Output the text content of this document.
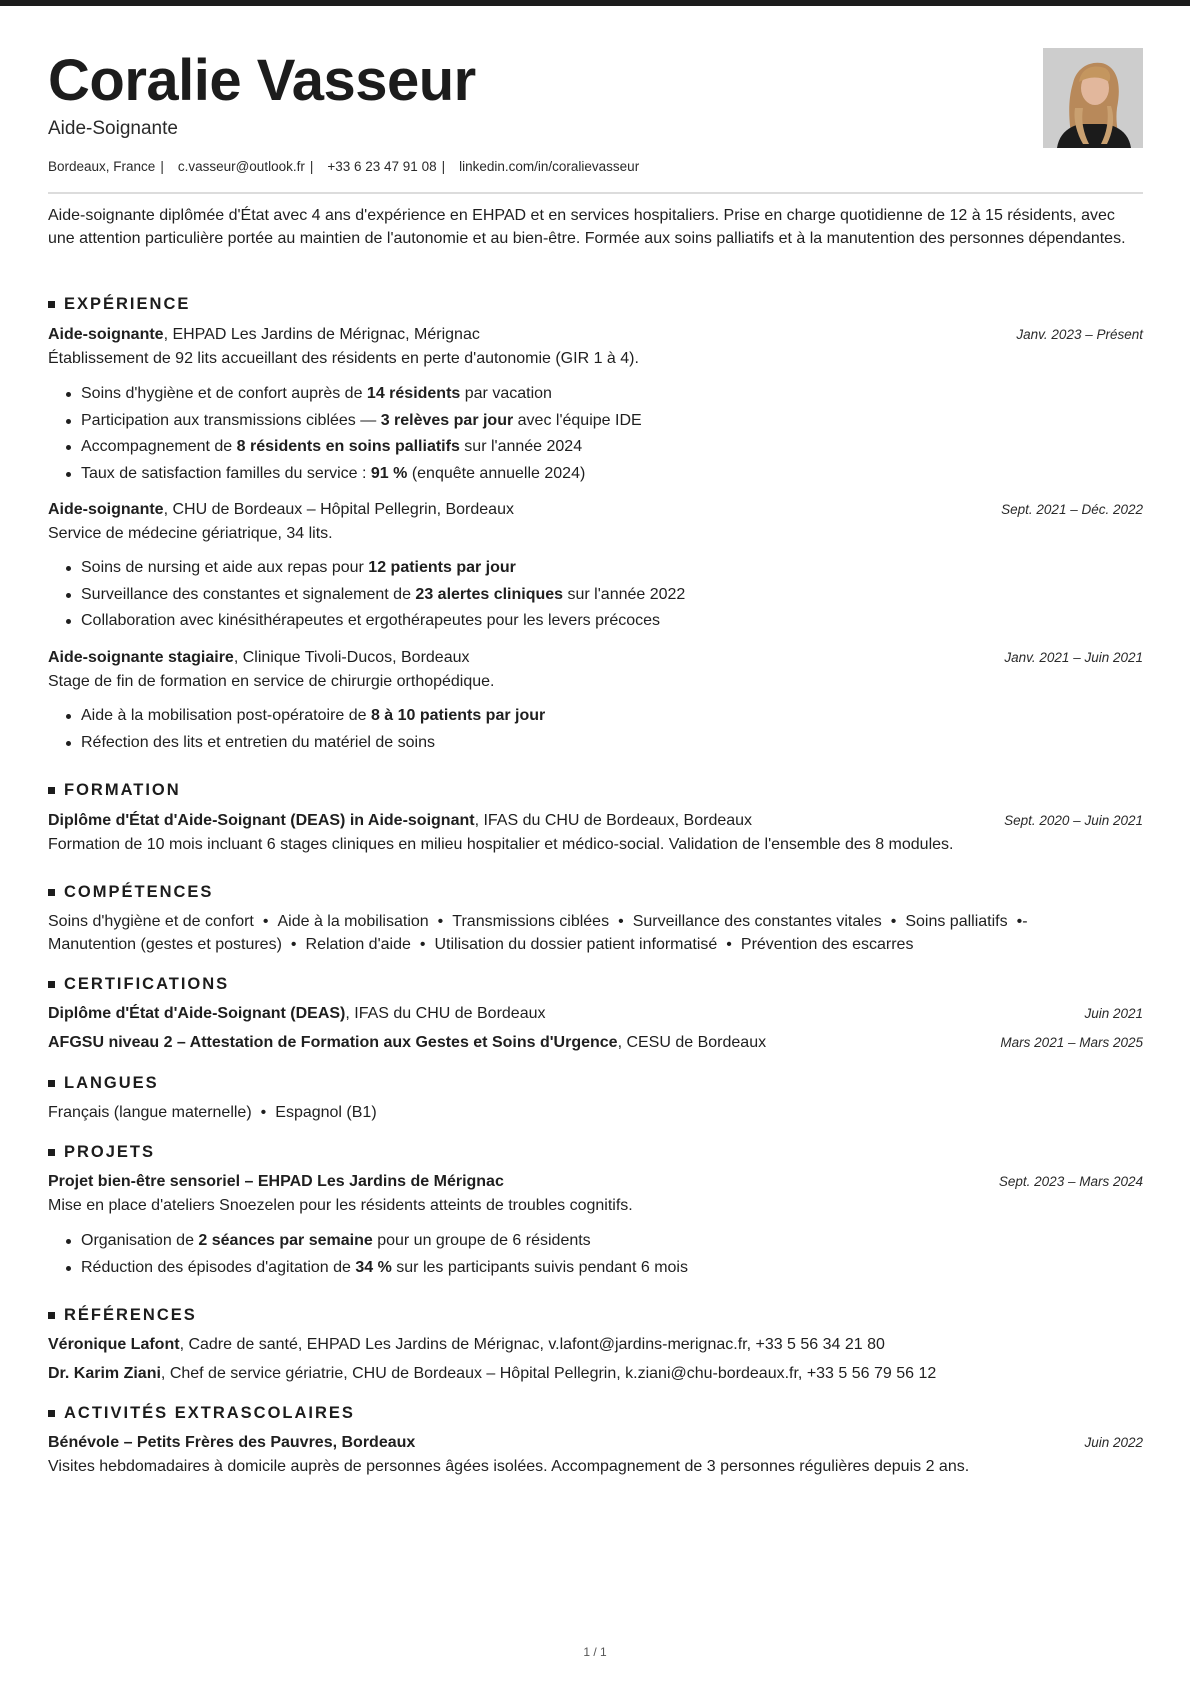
Coralie Vasseur
Aide-Soignante
Bordeaux, France | c.vasseur@outlook.fr | +33 6 23 47 91 08 | linkedin.com/in/coralievasseur
Aide-soignante diplômée d'État avec 4 ans d'expérience en EHPAD et en services hospitaliers. Prise en charge quotidienne de 12 à 15 résidents, avec une attention particulière portée au maintien de l'autonomie et au bien-être. Formée aux soins palliatifs et à la manutention des personnes dépendantes.
EXPÉRIENCE
Aide-soignante, EHPAD Les Jardins de Mérignac, Mérignac	Janv. 2023 – Présent
Établissement de 92 lits accueillant des résidents en perte d'autonomie (GIR 1 à 4).
Soins d'hygiène et de confort auprès de 14 résidents par vacation
Participation aux transmissions ciblées — 3 relèves par jour avec l'équipe IDE
Accompagnement de 8 résidents en soins palliatifs sur l'année 2024
Taux de satisfaction familles du service : 91 % (enquête annuelle 2024)
Aide-soignante, CHU de Bordeaux – Hôpital Pellegrin, Bordeaux	Sept. 2021 – Déc. 2022
Service de médecine gériatrique, 34 lits.
Soins de nursing et aide aux repas pour 12 patients par jour
Surveillance des constantes et signalement de 23 alertes cliniques sur l'année 2022
Collaboration avec kinésithérapeutes et ergothérapeutes pour les levers précoces
Aide-soignante stagiaire, Clinique Tivoli-Ducos, Bordeaux	Janv. 2021 – Juin 2021
Stage de fin de formation en service de chirurgie orthopédique.
Aide à la mobilisation post-opératoire de 8 à 10 patients par jour
Réfection des lits et entretien du matériel de soins
FORMATION
Diplôme d'État d'Aide-Soignant (DEAS) in Aide-soignant, IFAS du CHU de Bordeaux, Bordeaux	Sept. 2020 – Juin 2021
Formation de 10 mois incluant 6 stages cliniques en milieu hospitalier et médico-social. Validation de l'ensemble des 8 modules.
COMPÉTENCES
Soins d'hygiène et de confort • Aide à la mobilisation • Transmissions ciblées • Surveillance des constantes vitales • Soins palliatifs •-
Manutention (gestes et postures) • Relation d'aide • Utilisation du dossier patient informatisé • Prévention des escarres
CERTIFICATIONS
Diplôme d'État d'Aide-Soignant (DEAS), IFAS du CHU de Bordeaux	Juin 2021
AFGSU niveau 2 – Attestation de Formation aux Gestes et Soins d'Urgence, CESU de Bordeaux	Mars 2021 – Mars 2025
LANGUES
Français (langue maternelle) • Espagnol (B1)
PROJETS
Projet bien-être sensoriel – EHPAD Les Jardins de Mérignac	Sept. 2023 – Mars 2024
Mise en place d'ateliers Snoezelen pour les résidents atteints de troubles cognitifs.
Organisation de 2 séances par semaine pour un groupe de 6 résidents
Réduction des épisodes d'agitation de 34 % sur les participants suivis pendant 6 mois
RÉFÉRENCES
Véronique Lafont, Cadre de santé, EHPAD Les Jardins de Mérignac, v.lafont@jardins-merignac.fr, +33 5 56 34 21 80
Dr. Karim Ziani, Chef de service gériatrie, CHU de Bordeaux – Hôpital Pellegrin, k.ziani@chu-bordeaux.fr, +33 5 56 79 56 12
ACTIVITÉS EXTRASCOLAIRES
Bénévole – Petits Frères des Pauvres, Bordeaux	Juin 2022
Visites hebdomadaires à domicile auprès de personnes âgées isolées. Accompagnement de 3 personnes régulières depuis 2 ans.
1 / 1
